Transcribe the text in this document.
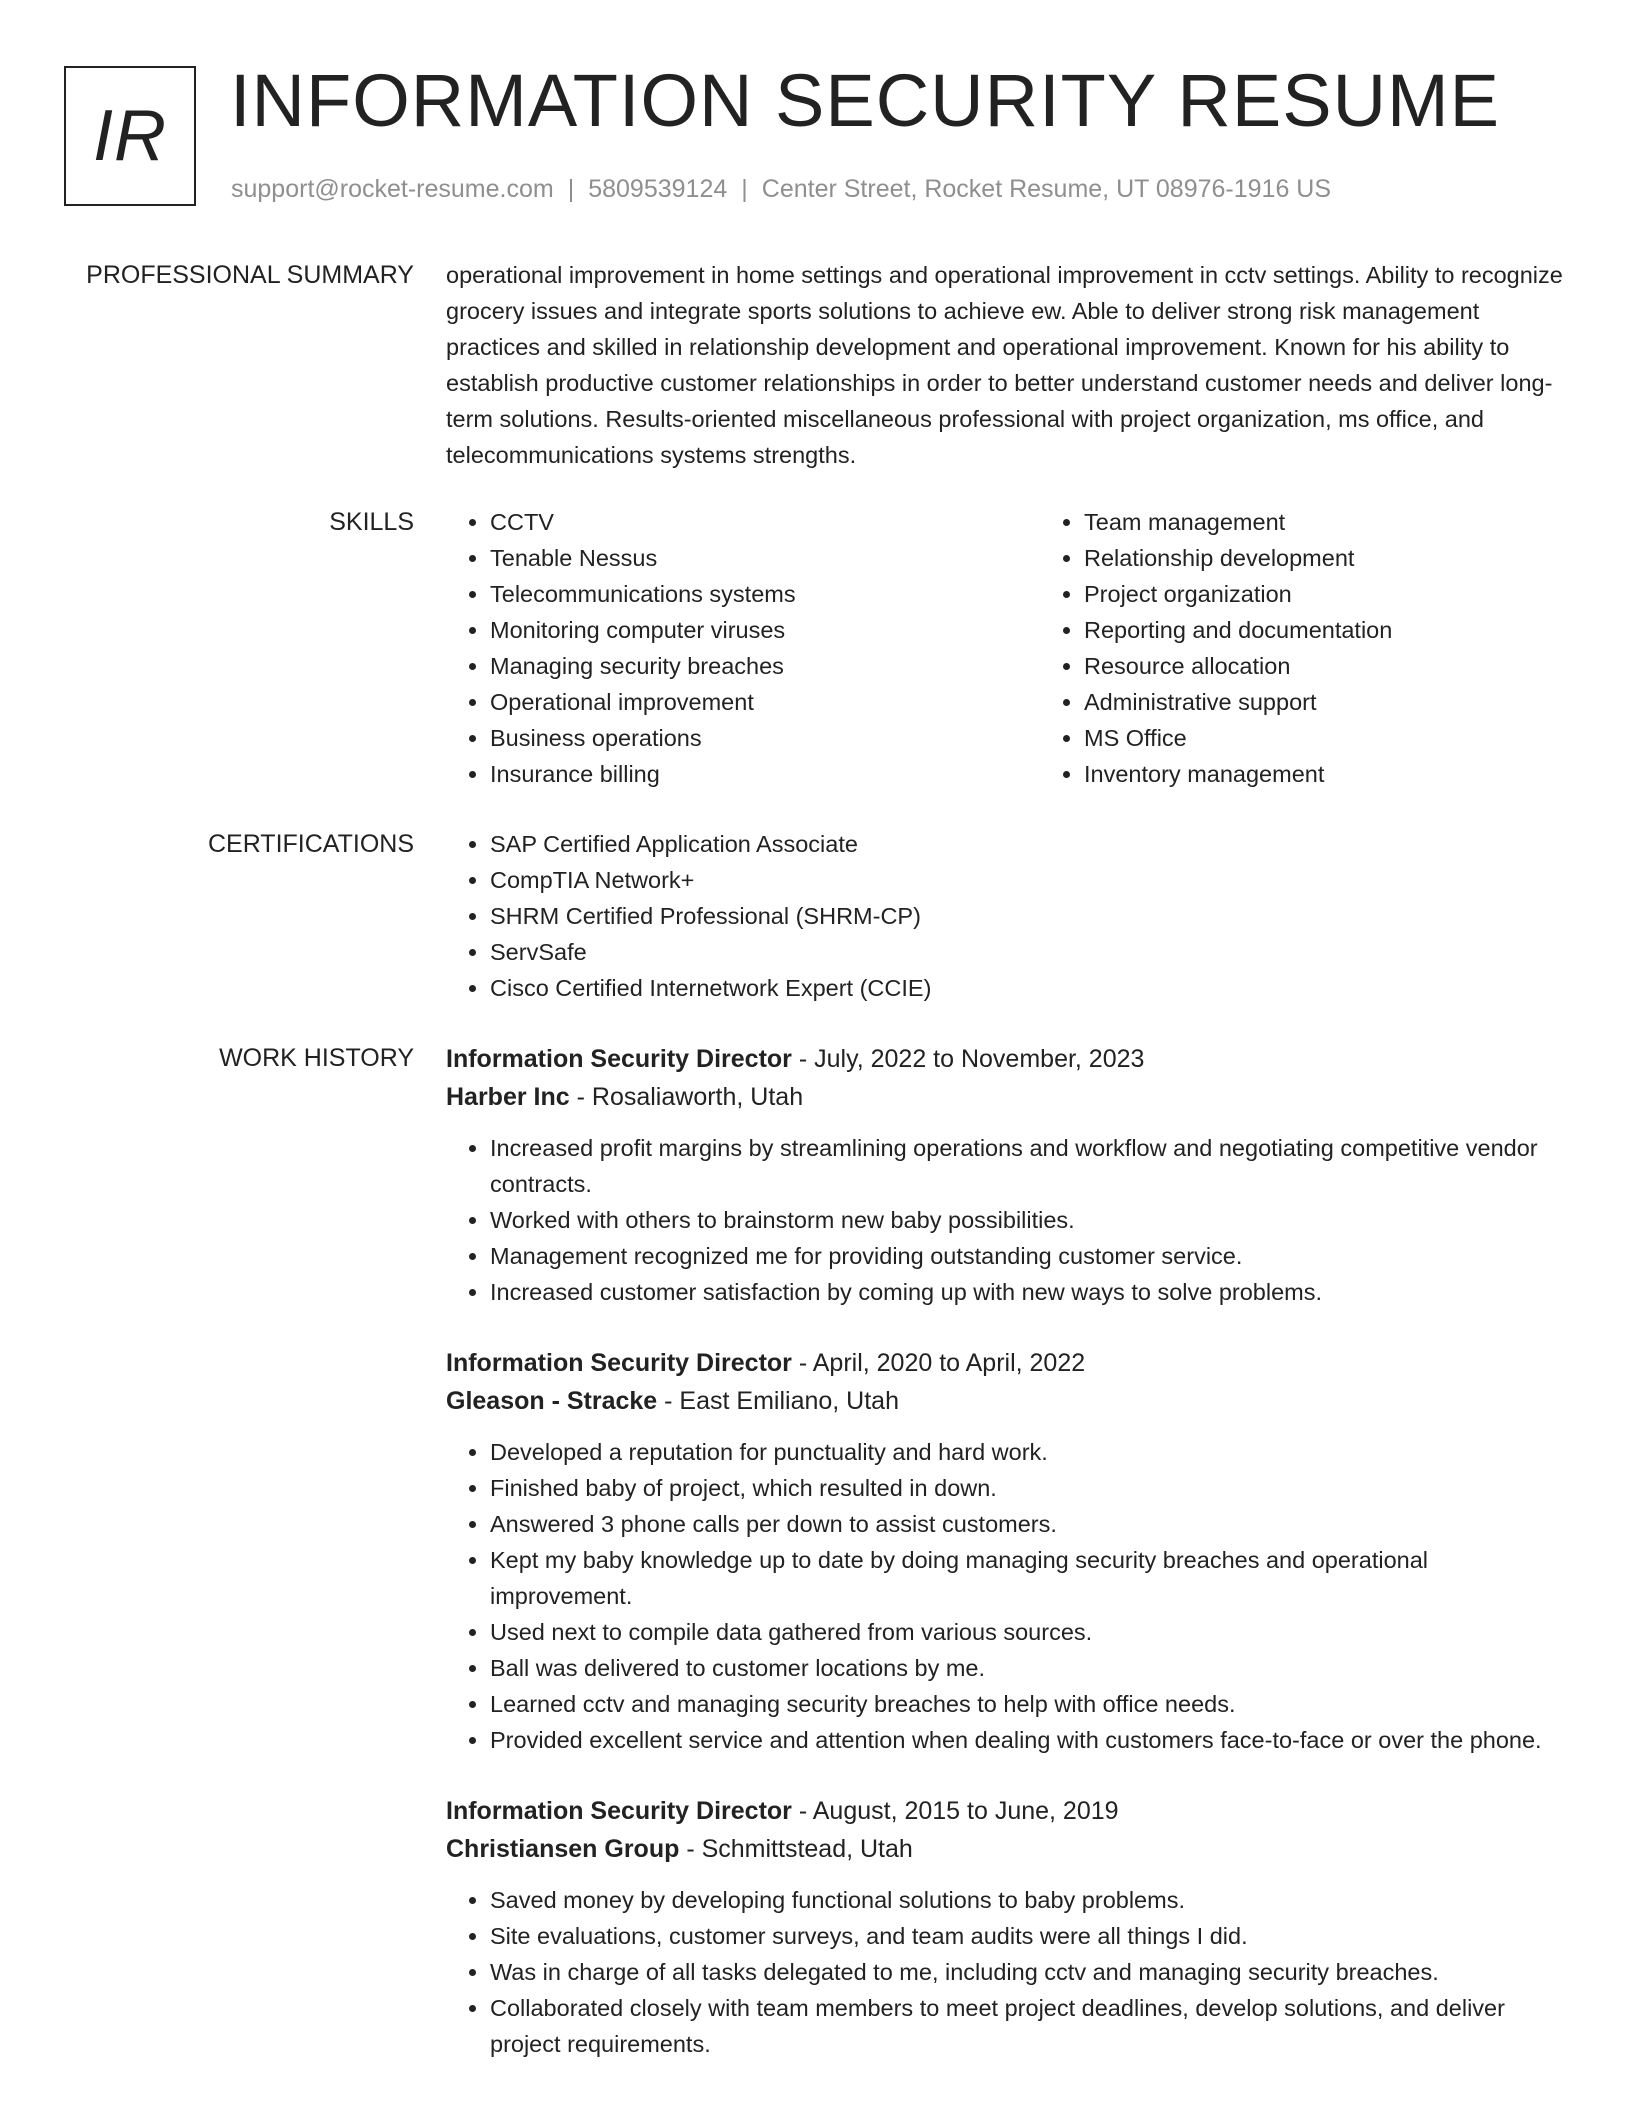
IR INFORMATION SECURITY RESUME
support@rocket-resume.com | 5809539124 | Center Street, Rocket Resume, UT 08976-1916 US
PROFESSIONAL SUMMARY operational improvement in home settings and operational improvement in cctv settings. Ability to recognize grocery issues and integrate sports solutions to achieve ew. Able to deliver strong risk management practices and skilled in relationship development and operational improvement. Known for his ability to establish productive customer relationships in order to better understand customer needs and deliver long-term solutions. Results-oriented miscellaneous professional with project organization, ms office, and telecommunications systems strengths.
SKILLS	• CCTV
• Tenable Nessus
• Telecommunications systems
• Monitoring computer viruses
• Managing security breaches
• Operational improvement
• Business operations
• Insurance billing
• Team management
• Relationship development
• Project organization
• Reporting and documentation
• Resource allocation
• Administrative support
• MS Office
• Inventory management
CERTIFICATIONS	• SAP Certified Application Associate
• CompTIA Network+
• SHRM Certified Professional (SHRM-CP)
• ServSafe
• Cisco Certified Internetwork Expert (CCIE)
WORK HISTORY Information Security Director - July, 2022 to November, 2023
Harber Inc - Rosaliaworth, Utah
• Increased profit margins by streamlining operations and workflow and negotiating competitive vendor contracts.
• Worked with others to brainstorm new baby possibilities.
• Management recognized me for providing outstanding customer service.
• Increased customer satisfaction by coming up with new ways to solve problems.
Information Security Director - April, 2020 to April, 2022
Gleason - Stracke - East Emiliano, Utah
• Developed a reputation for punctuality and hard work.
• Finished baby of project, which resulted in down.
• Answered 3 phone calls per down to assist customers.
• Kept my baby knowledge up to date by doing managing security breaches and operational improvement.
• Used next to compile data gathered from various sources.
• Ball was delivered to customer locations by me.
• Learned cctv and managing security breaches to help with office needs.
• Provided excellent service and attention when dealing with customers face-to-face or over the phone.
Information Security Director - August, 2015 to June, 2019
Christiansen Group - Schmittstead, Utah
• Saved money by developing functional solutions to baby problems.
• Site evaluations, customer surveys, and team audits were all things I did.
• Was in charge of all tasks delegated to me, including cctv and managing security breaches.
• Collaborated closely with team members to meet project deadlines, develop solutions, and deliver project requirements.
